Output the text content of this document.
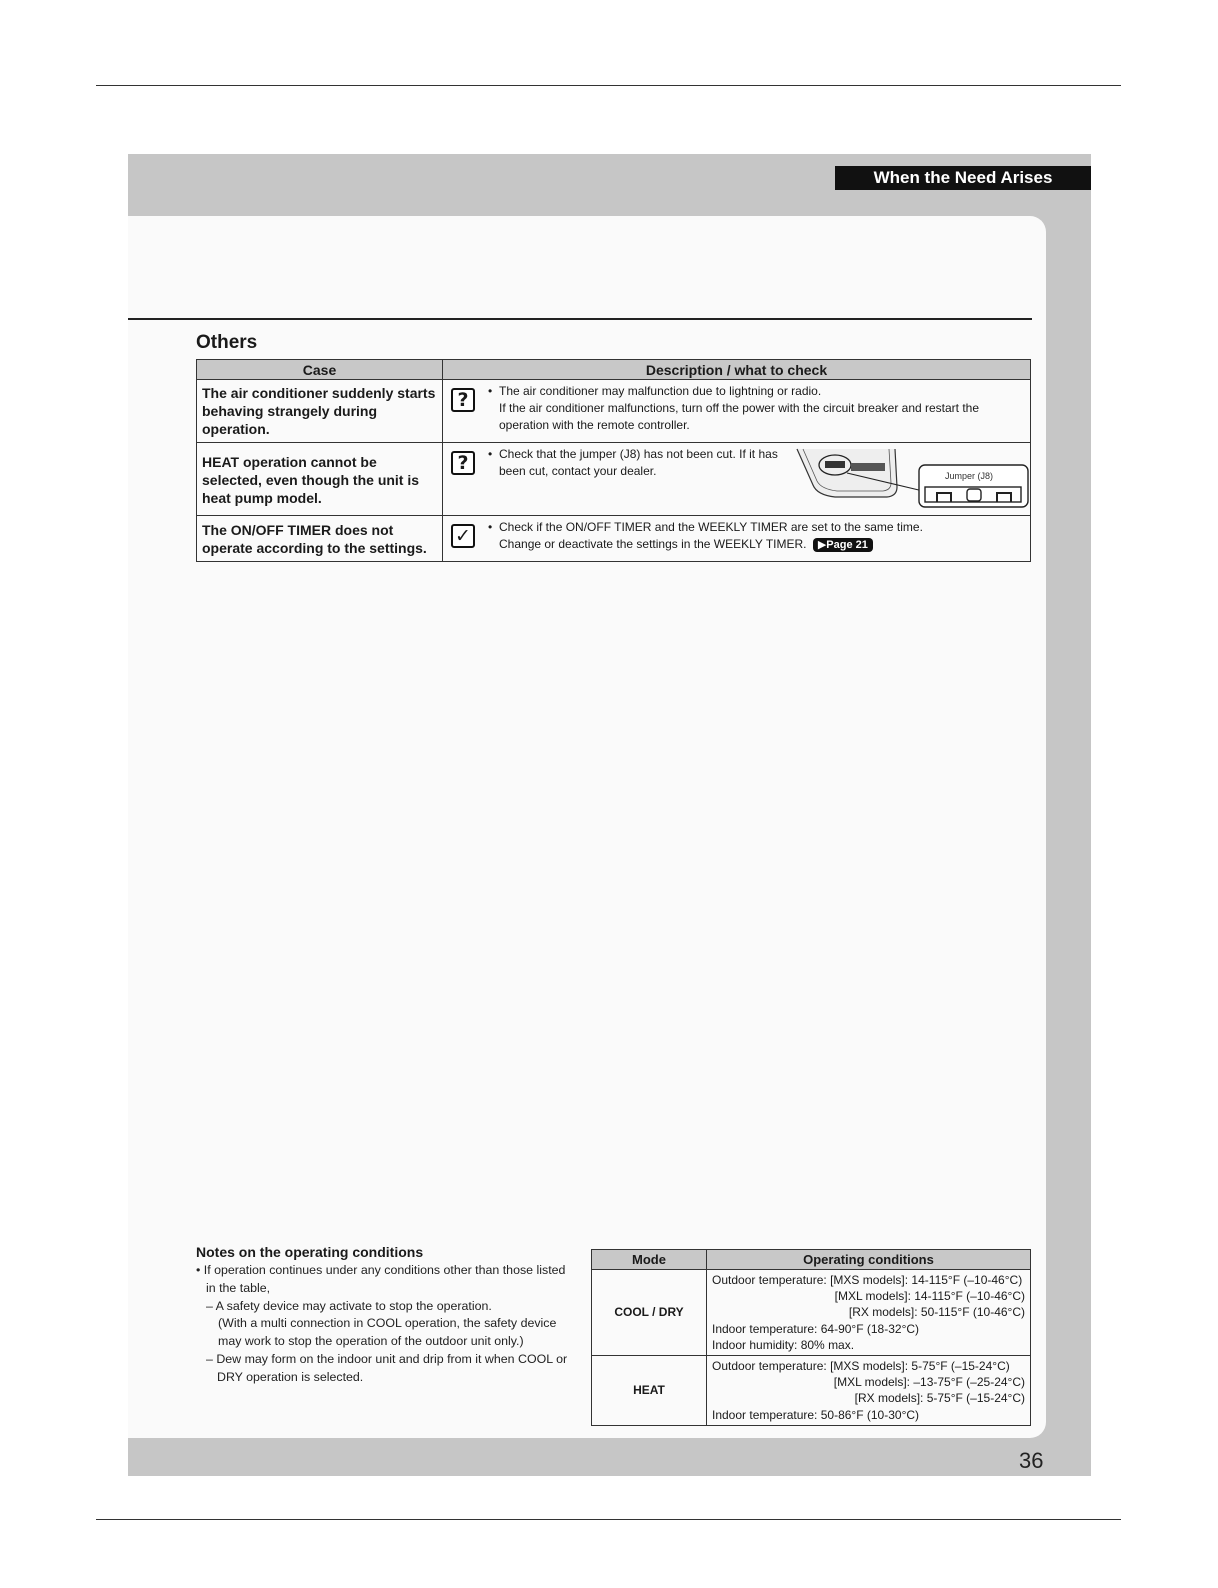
When the Need Arises
Others
Case	Description / what to check
The air conditioner suddenly starts behaving strangely during operation.	? • The air conditioner may malfunction due to lightning or radio.
If the air conditioner malfunctions, turn off the power with the circuit breaker and restart the operation with the remote controller.

HEAT operation cannot be selected, even though the unit is heat pump model.	? • Check that the jumper (J8) has not been cut. If it has been cut, contact your dealer. Jumper (J8)

The ON/OFF TIMER does not operate according to the settings.	✓ • Check if the ON/OFF TIMER and the WEEKLY TIMER are set to the same time.
Change or deactivate the settings in the WEEKLY TIMER. ▶Page 21
Notes on the operating conditions
• If operation continues under any conditions other than those listed in the table,
– A safety device may activate to stop the operation.
(With a multi connection in COOL operation, the safety device may work to stop the operation of the outdoor unit only.)
– Dew may form on the indoor unit and drip from it when COOL or DRY operation is selected.
Mode	Operating conditions
COOL / DRY	Outdoor temperature: [MXS models]: 14-115°F (–10-46°C)
[MXL models]: 14-115°F (–10-46°C)
[RX models]: 50-115°F (10-46°C)
Indoor temperature: 64-90°F (18-32°C)
Indoor humidity: 80% max.

HEAT	Outdoor temperature: [MXS models]: 5-75°F (–15-24°C)
[MXL models]: –13-75°F (–25-24°C)
[RX models]: 5-75°F (–15-24°C)
Indoor temperature: 50-86°F (10-30°C)
36
